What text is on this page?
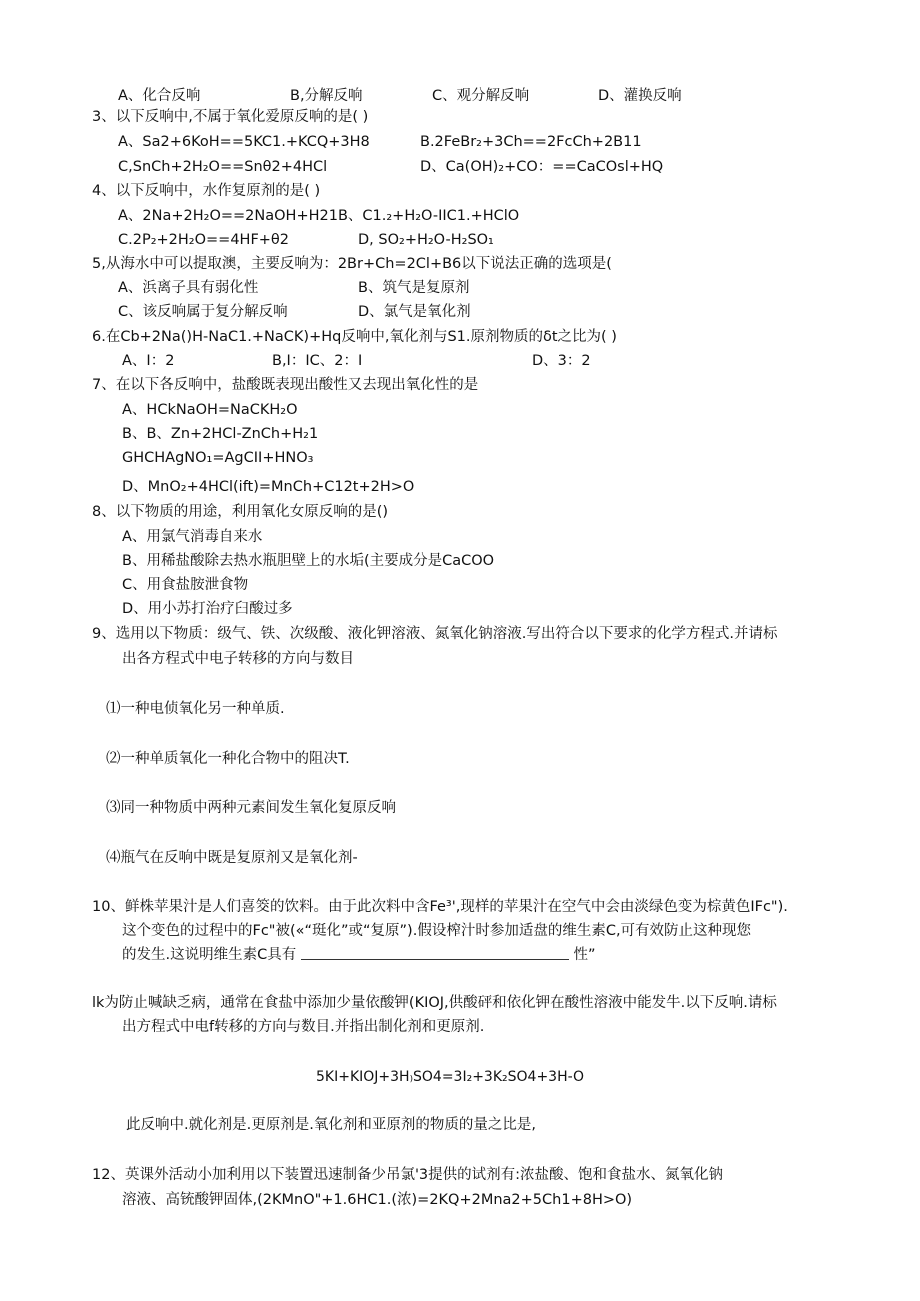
A、化合反响	B,分解反响	C、观分解反响	D、灌换反响
3、以下反响中,不属于氧化爱原反响的是( )
A、Sa2+6KoH==5KC1.+KCQ+3H8	B.2FeBr₂+3Ch==2FcCh+2B11
C,SnCh+2H₂O==Snθ2+4HCl	D、Ca(OH)₂+CO：==CaCOsl+HQ
4、以下反响中，水作复原剂的是( )
A、2Na+2H₂O==2NaOH+H21B、C1.₂+H₂O-IIC1.+HClO
C.2P₂+2H₂O==4HF+θ2	D, SO₂+H₂O-H₂SO₁
5,从海水中可以提取澳，主要反响为：2Br+Ch=2Cl+B6以下说法正确的选项是(
A、浜离子具有弱化性	B、筑气是复原剂
C、该反响属于复分解反响	D、氯气是氧化剂
6.在Cb+2Na()H-NaC1.+NaCK)+Hq反响中,氧化剂与S1.原剂物质的δt之比为( )
A、I：2	B,I：IC、2：I	D、3：2
7、在以下各反响中，盐酸既表现出酸性又去现出氧化性的是
A、HCkNaOH=NaCKH₂O
B、B、Zn+2HCl-ZnCh+H₂1
GHCHAgNO₁=AgCII+HNO₃
D、MnO₂+4HCl(ift)=MnCh+C12t+2H>O
8、以下物质的用途，利用氧化女原反响的是()
A、用氯气消毒自来水
B、用稀盐酸除去热水瓶胆壁上的水垢(主要成分是CaCOO
C、用食盐胺泄食物
D、用小苏打治疗臼酸过多
9、选用以下物质：级气、铁、次级酸、液化钾溶液、氮氧化钠溶液.写出符合以下要求的化学方程式.并请标
出各方程式中电子转移的方向与数目
⑴一种电侦氧化另一种单质.
⑵一种单质氧化一种化合物中的阻决T.
⑶同一种物质中两种元素间发生氧化复原反响
⑷瓶气在反响中既是复原剂又是氧化剂-
10、鲜株苹果汁是人们喜筊的饮料。由于此次料中含Fe³',现样的苹果汁在空气中会由淡绿色变为棕黄色IFc").
这个变色的过程中的Fc"被(«“珽化”或“复原”).假设榨汁时参加适盘的维生素C,可有效防止这种现您
的发生.这说明维生素C具有	性”
lk为防止喊缺乏病，通常在食盐中添加少量依酸钾(KIOJ,供酸砰和依化钾在酸性溶液中能发牛.以下反响.请标
出方程式中电f转移的方向与数目.并指出制化剂和更原剂.
5KI+KIOJ+3H₎SO4=3I₂+3K₂SO4+3H-O
此反响中.就化剂是.更原剂是.氧化剂和亚原剂的物质的量之比是,
12、英课外活动小加利用以下装置迅速制备少吊氯'3提供的试剂有:浓盐酸、饱和食盐水、氮氧化钠
溶液、高铳酸钾固体,(2KMnO"+1.6HC1.(浓)=2KQ+2Mna2+5Ch1+8H>O)
